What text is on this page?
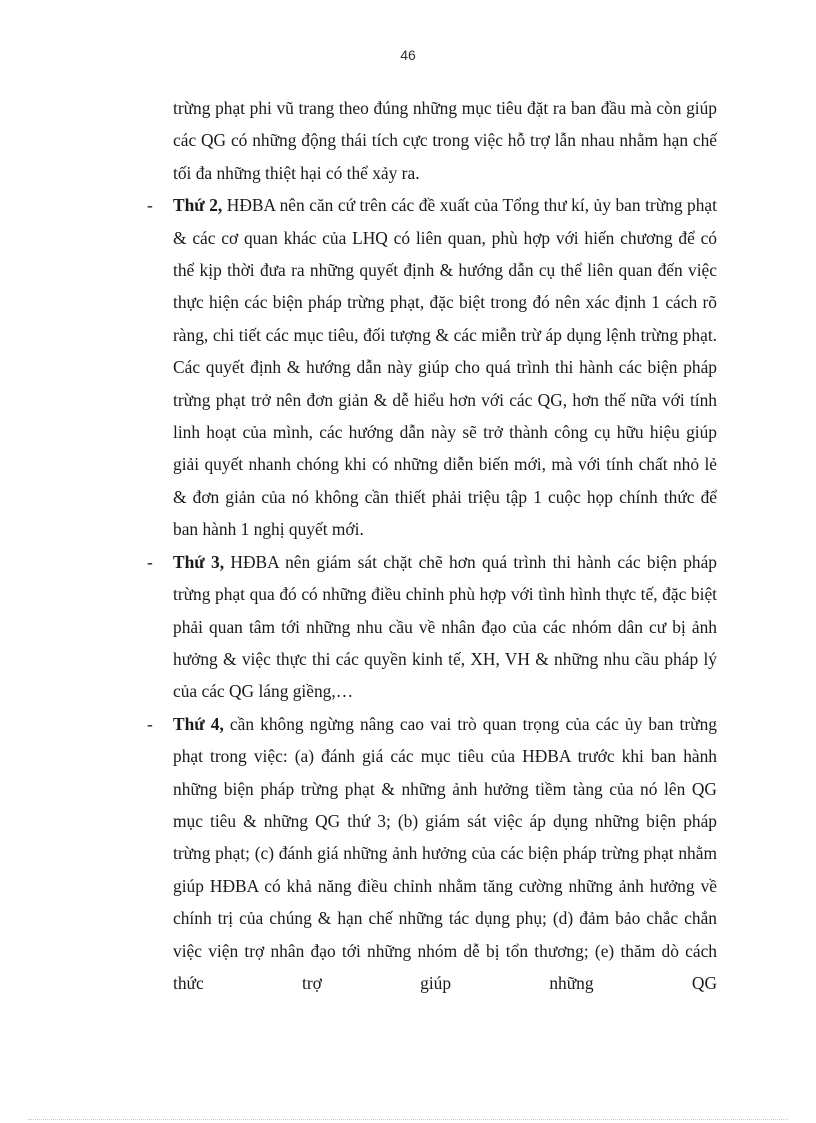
46

trừng phạt phi vũ trang theo đúng những mục tiêu đặt ra ban đầu mà còn giúp các QG có những động thái tích cực trong việc hỗ trợ lẫn nhau nhằm hạn chế tối đa những thiệt hại có thể xảy ra.

- Thứ 2, HĐBA nên căn cứ trên các đề xuất của Tổng thư kí, ủy ban trừng phạt & các cơ quan khác của LHQ có liên quan, phù hợp với hiến chương để có thể kịp thời đưa ra những quyết định & hướng dẫn cụ thể liên quan đến việc thực hiện các biện pháp trừng phạt, đặc biệt trong đó nên xác định 1 cách rõ ràng, chi tiết các mục tiêu, đối tượng & các miễn trừ áp dụng lệnh trừng phạt. Các quyết định & hướng dẫn này giúp cho quá trình thi hành các biện pháp trừng phạt trở nên đơn giản & dễ hiểu hơn với các QG, hơn thế nữa với tính linh hoạt của mình, các hướng dẫn này sẽ trở thành công cụ hữu hiệu giúp giải quyết nhanh chóng khi có những diễn biến mới, mà với tính chất nhỏ lẻ & đơn giản của nó không cần thiết phải triệu tập 1 cuộc họp chính thức để ban hành 1 nghị quyết mới.

- Thứ 3, HĐBA nên giám sát chặt chẽ hơn quá trình thi hành các biện pháp trừng phạt qua đó có những điều chỉnh phù hợp với tình hình thực tế, đặc biệt phải quan tâm tới những nhu cầu về nhân đạo của các nhóm dân cư bị ảnh hưởng & việc thực thi các quyền kinh tế, XH, VH & những nhu cầu pháp lý của các QG láng giềng,…

- Thứ 4, cần không ngừng nâng cao vai trò quan trọng của các ủy ban trừng phạt trong việc: (a) đánh giá các mục tiêu của HĐBA trước khi ban hành những biện pháp trừng phạt & những ảnh hưởng tiềm tàng của nó lên QG mục tiêu & những QG thứ 3; (b) giám sát việc áp dụng những biện pháp trừng phạt; (c) đánh giá những ảnh hưởng của các biện pháp trừng phạt nhằm giúp HĐBA có khả năng điều chỉnh nhằm tăng cường những ảnh hưởng về chính trị của chúng & hạn chế những tác dụng phụ; (d) đảm bảo chắc chắn việc viện trợ nhân đạo tới những nhóm dễ bị tổn thương; (e) thăm dò cách thức trợ giúp những QG
